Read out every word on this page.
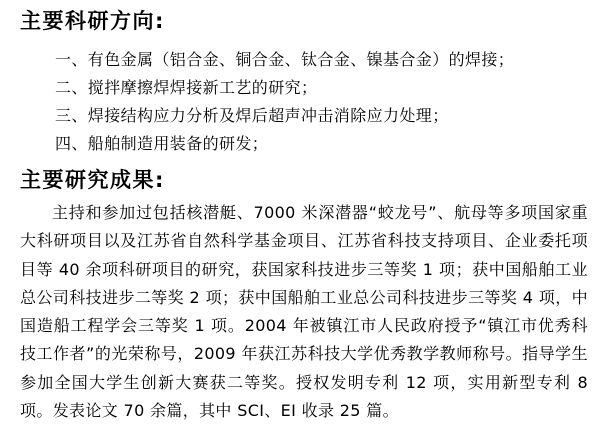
主要科研方向:

一、有色金属（铝合金、铜合金、钛合金、镍基合金）的焊接；

二、搅拌摩擦焊焊接新工艺的研究；

三、焊接结构应力分析及焊后超声冲击消除应力处理；

四、船舶制造用装备的研发；

主要研究成果:

主持和参加过包括核潜艇、7000 米深潜器“蛟龙号”、航母等多项国家重大科研项目以及江苏省自然科学基金项目、江苏省科技支持项目、企业委托项目等 40 余项科研项目的研究，获国家科技进步三等奖 1 项；获中国船舶工业总公司科技进步二等奖 2 项；获中国船舶工业总公司科技进步三等奖 4 项，中国造船工程学会三等奖 1 项。2004 年被镇江市人民政府授予“镇江市优秀科技工作者”的光荣称号，2009 年获江苏科技大学优秀教学教师称号。指导学生参加全国大学生创新大赛获二等奖。授权发明专利 12 项，实用新型专利 8 项。发表论文 70 余篇，其中 SCI、EI 收录 25 篇。
